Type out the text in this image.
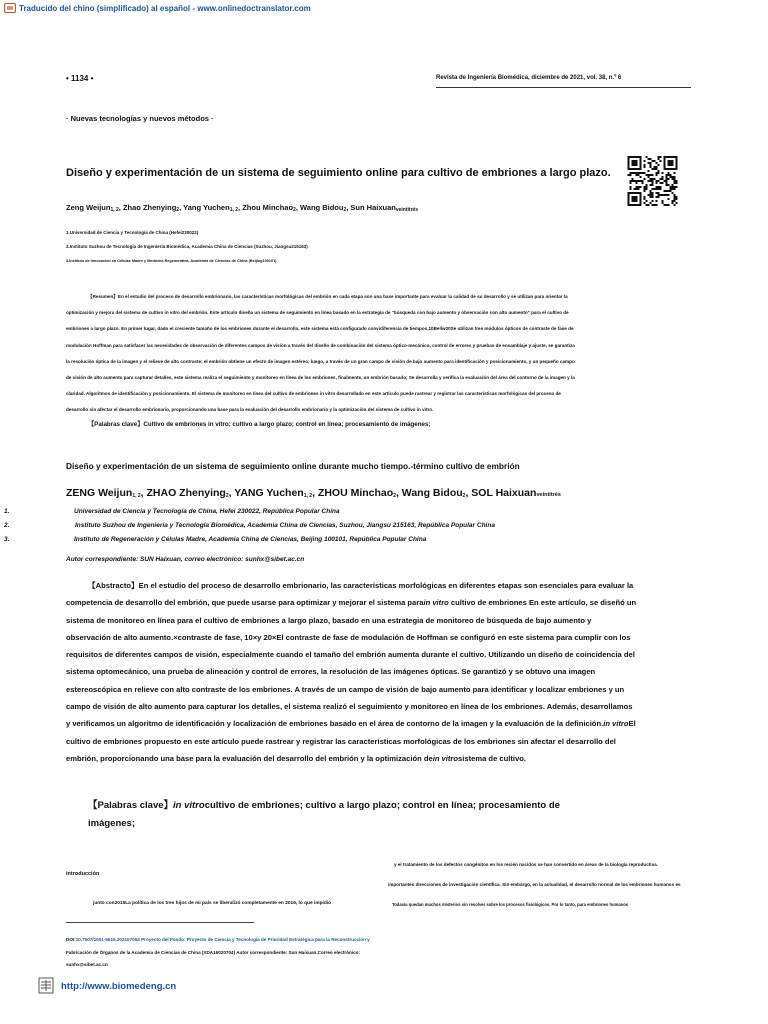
Traducido del chino (simplificado) al español - www.onlinedoctranslator.com
• 1134 •	Revista de Ingeniería Biomédica, diciembre de 2021, vol. 38, n.º 6
· Nuevas tecnologías y nuevos métodos ·
Diseño y experimentación de un sistema de seguimiento online para cultivo de embriones a largo plazo.
Zeng Weijun$_{1, 2}$, Zhao Zhenying$_2$, Yang Yuchen$_{1, 2}$, Zhou Minchao$_2$, Wang Bidou$_2$, Sun Haixuan$_{veintitrés}$
1.Universidad de Ciencia y Tecnología de China (Hefei230022)
2.Instituto Suzhou de Tecnología de Ingeniería Biomédica, Academia China de Ciencias (Suzhou, Jiangsu215163)
3.Instituto de Innovación en Células Madre y Medicina Regenerativa, Academia de Ciencias de China (Beijing100101)
【Resumen】En el estudio del proceso de desarrollo embrionario, las características morfológicas del embrión en cada etapa son una base importante para evaluar la calidad de su desarrollo y se utilizan para orientar la
optimización y mejora del sistema de cultivo in vitro del embrión. Este artículo diseña un sistema de seguimiento en línea basado en la estrategia de "búsqueda con bajo aumento y observación con alto aumento" para el cultivo de
embriones a largo plazo. En primer lugar, dado el creciente tamaño de los embriones durante el desarrollo, este sistema está configurado convidiferencia de tiempos,10Bellw20Se utilizan tres módulos ópticos de contraste de fase de
modulación Hoffman para satisfacer las necesidades de observación de diferentes campos de visión a través del diseño de combinación del sistema óptico-mecánico, control de errores y pruebas de ensamblaje y ajuste, se garantiza
la resolución óptica de la imagen y el relieve de alto contraste; el embrión obtiene un efecto de imagen estéreo; luego, a través de un gran campo de visión de bajo aumento para identificación y posicionamiento, y un pequeño campo
de visión de alto aumento para capturar detalles, este sistema realiza el seguimiento y monitoreo en línea de los embriones, finalmente, un embrión basado; Se desarrolla y verifica la evaluación del área del contorno de la imagen y la
claridad. Algoritmos de identificación y posicionamiento. El sistema de monitoreo en línea del cultivo de embriones in vitro desarrollado en este artículo puede rastrear y registrar las características morfológicas del proceso de
desarrollo sin afectar el desarrollo embrionario, proporcionando una base para la evaluación del desarrollo embrionario y la optimización del sistema de cultivo in vitro.
【Palabras clave】Cultivo de embriones in vitro; cultivo a largo plazo; control en línea; procesamiento de imágenes;
Diseño y experimentación de un sistema de seguimiento online durante mucho tiempo.-término cultivo de embrión
ZENG Weijun$_{1, 2}$, ZHAO Zhenying$_2$, YANG Yuchen$_{1, 2}$, ZHOU Minchao$_2$, Wang Bidou$_2$, SOL Haixuanveintitrés
1.	Universidad de Ciencia y Tecnología de China, Hefei 230022, República Popular China
2.	Instituto Suzhou de Ingeniería y Tecnología Biomédica, Academia China de Ciencias, Suzhou, Jiangsu 215163, República Popular China
3.	Instituto de Regeneración y Células Madre, Academia China de Ciencias, Beijing 100101, República Popular China
Autor correspondiente: SUN Haixuan, correo electrónico: sunhx@sibet.ac.cn
【Abstracto】En el estudio del proceso de desarrollo embrionario, las características morfológicas en diferentes etapas son esenciales para evaluar la competencia de desarrollo del embrión, que puede usarse para optimizar y mejorar el sistema parain vitro cultivo de embriones En este artículo, se diseñó un sistema de monitoreo en línea para el cultivo de embriones a largo plazo, basado en una estrategia de monitoreo de búsqueda de bajo aumento y observación de alto aumento.×contraste de fase, 10×y 20×El contraste de fase de modulación de Hoffman se configuró en este sistema para cumplir con los requisitos de diferentes campos de visión, especialmente cuando el tamaño del embrión aumenta durante el cultivo. Utilizando un diseño de coincidencia del sistema optomecánico, una prueba de alineación y control de errores, la resolución de las imágenes ópticas. Se garantizó y se obtuvo una imagen estereoscópica en relieve con alto contraste de los embriones. A través de un campo de visión de bajo aumento para identificar y localizar embriones y un campo de visión de alto aumento para capturar los detalles, el sistema realizó el seguimiento y monitoreo en línea de los embriones. Además, desarrollamos y verificamos un algoritmo de identificación y localización de embriones basado en el área de contorno de la imagen y la evaluación de la definición.in vitroEl cultivo de embriones propuesto en este artículo puede rastrear y registrar las características morfológicas de los embriones sin afectar el desarrollo del embrión, proporcionando una base para la evaluación del desarrollo del embrión y la optimización dein vitrosistema de cultivo.
【Palabras clave】in vitrocultivo de embriones; cultivo a largo plazo; control en línea; procesamiento de imágenes;
y el tratamiento de los defectos congénitos en los recién nacidos se han convertido en áreas de la biología reproductiva.
introducción
importantes direcciones de investigación científica. Sin embargo, en la actualidad, el desarrollo normal de los embriones humanos es
junto con2015La política de los tres hijos de mi país se liberalizó completamente en 2016, lo que impidió	Todavía quedan muchos misterios sin resolver sobre los procesos fisiológicos. Por lo tanto, para embriones humanos
DOI:10.7507/1001-5515.202107053 Proyecto del Fondo: Proyecto de Ciencia y Tecnología de Prioridad Estratégica para la Reconstrucción y
Fabricación de Órganos de la Academia de Ciencias de China (XDA16020704) Autor correspondiente: Sun Haixuan,Correo electrónico:
sunhx@sibet.ac.cn
http://www.biomedeng.cn
